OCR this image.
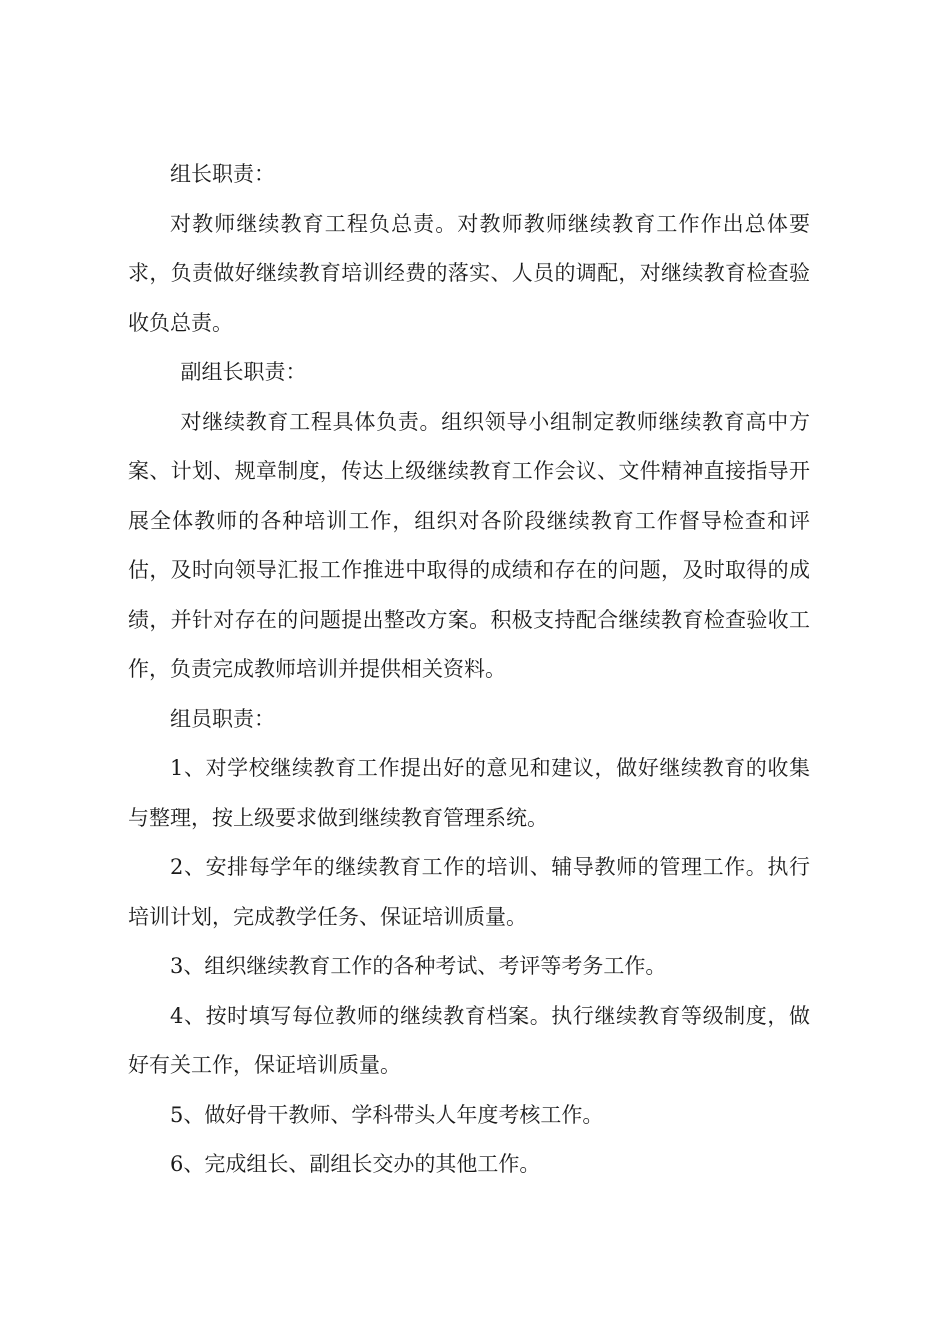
组长职责：

对教师继续教育工程负总责。对教师教师继续教育工作作出总体要求，负责做好继续教育培训经费的落实、人员的调配，对继续教育检查验收负总责。

副组长职责：

对继续教育工程具体负责。组织领导小组制定教师继续教育高中方案、计划、规章制度，传达上级继续教育工作会议、文件精神直接指导开展全体教师的各种培训工作，组织对各阶段继续教育工作督导检查和评估，及时向领导汇报工作推进中取得的成绩和存在的问题，及时取得的成绩，并针对存在的问题提出整改方案。积极支持配合继续教育检查验收工作，负责完成教师培训并提供相关资料。

组员职责：

1、对学校继续教育工作提出好的意见和建议，做好继续教育的收集与整理，按上级要求做到继续教育管理系统。

2、安排每学年的继续教育工作的培训、辅导教师的管理工作。执行培训计划，完成教学任务、保证培训质量。

3、组织继续教育工作的各种考试、考评等考务工作。

4、按时填写每位教师的继续教育档案。执行继续教育等级制度，做好有关工作，保证培训质量。

5、做好骨干教师、学科带头人年度考核工作。

6、完成组长、副组长交办的其他工作。
